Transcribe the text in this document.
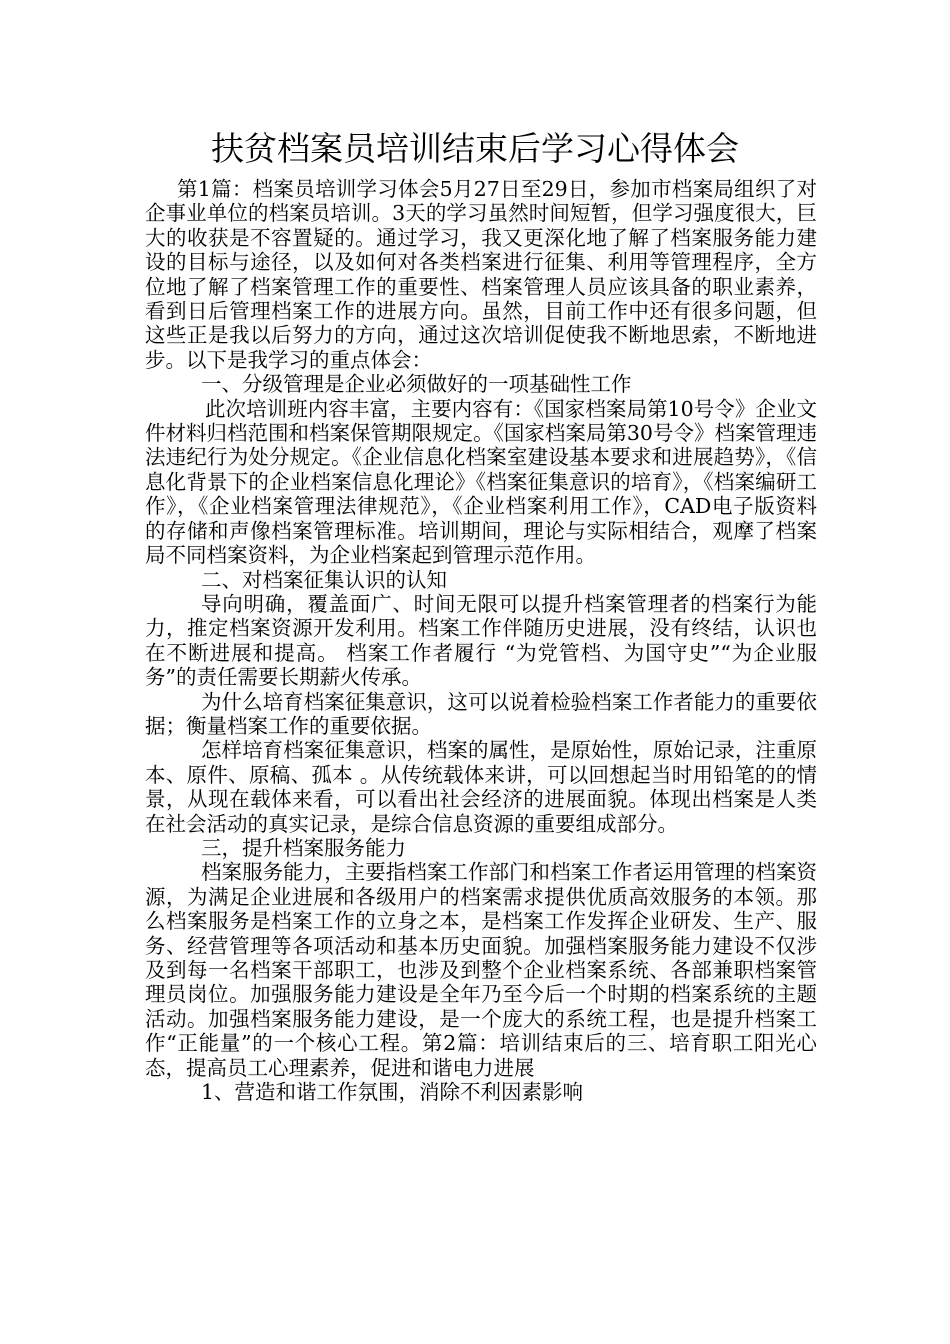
扶贫档案员培训结束后学习心得体会

第1篇：档案员培训学习体会5月27日至29日，参加市档案局组织了对企事业单位的档案员培训。3天的学习虽然时间短暂，但学习强度很大，巨大的收获是不容置疑的。通过学习，我又更深化地了解了档案服务能力建设的目标与途径，以及如何对各类档案进行征集、利用等管理程序，全方位地了解了档案管理工作的重要性、档案管理人员应该具备的职业素养，看到日后管理档案工作的进展方向。虽然，目前工作中还有很多问题，但这些正是我以后努力的方向，通过这次培训促使我不断地思索，不断地进步。以下是我学习的重点体会：

一、分级管理是企业必须做好的一项基础性工作

此次培训班内容丰富，主要内容有：《国家档案局第10号令》企业文件材料归档范围和档案保管期限规定。《国家档案局第30号令》档案管理违法违纪行为处分规定。《企业信息化档案室建设基本要求和进展趋势》，《信息化背景下的企业档案信息化理论》《档案征集意识的培育》，《档案编研工作》，《企业档案管理法律规范》，《企业档案利用工作》，CAD电子版资料的存储和声像档案管理标准。培训期间，理论与实际相结合，观摩了档案局不同档案资料，为企业档案起到管理示范作用。

二、对档案征集认识的认知

导向明确，覆盖面广、时间无限可以提升档案管理者的档案行为能力，推定档案资源开发利用。档案工作伴随历史进展，没有终结，认识也在不断进展和提高。 档案工作者履行 “为党管档、为国守史”“为企业服务”的责任需要长期薪火传承。

为什么培育档案征集意识，这可以说着检验档案工作者能力的重要依据；衡量档案工作的重要依据。

怎样培育档案征集意识，档案的属性，是原始性，原始记录，注重原本、原件、原稿、孤本 。从传统载体来讲，可以回想起当时用铅笔的的情景，从现在载体来看，可以看出社会经济的进展面貌。体现出档案是人类在社会活动的真实记录，是综合信息资源的重要组成部分。

三，提升档案服务能力

档案服务能力，主要指档案工作部门和档案工作者运用管理的档案资源，为满足企业进展和各级用户的档案需求提供优质高效服务的本领。那么档案服务是档案工作的立身之本，是档案工作发挥企业研发、生产、服务、经营管理等各项活动和基本历史面貌。加强档案服务能力建设不仅涉及到每一名档案干部职工，也涉及到整个企业档案系统、各部兼职档案管理员岗位。加强服务能力建设是全年乃至今后一个时期的档案系统的主题活动。加强档案服务能力建设，是一个庞大的系统工程，也是提升档案工作“正能量”的一个核心工程。第2篇：培训结束后的三、培育职工阳光心态，提高员工心理素养，促进和谐电力进展

1、营造和谐工作氛围，消除不利因素影响
